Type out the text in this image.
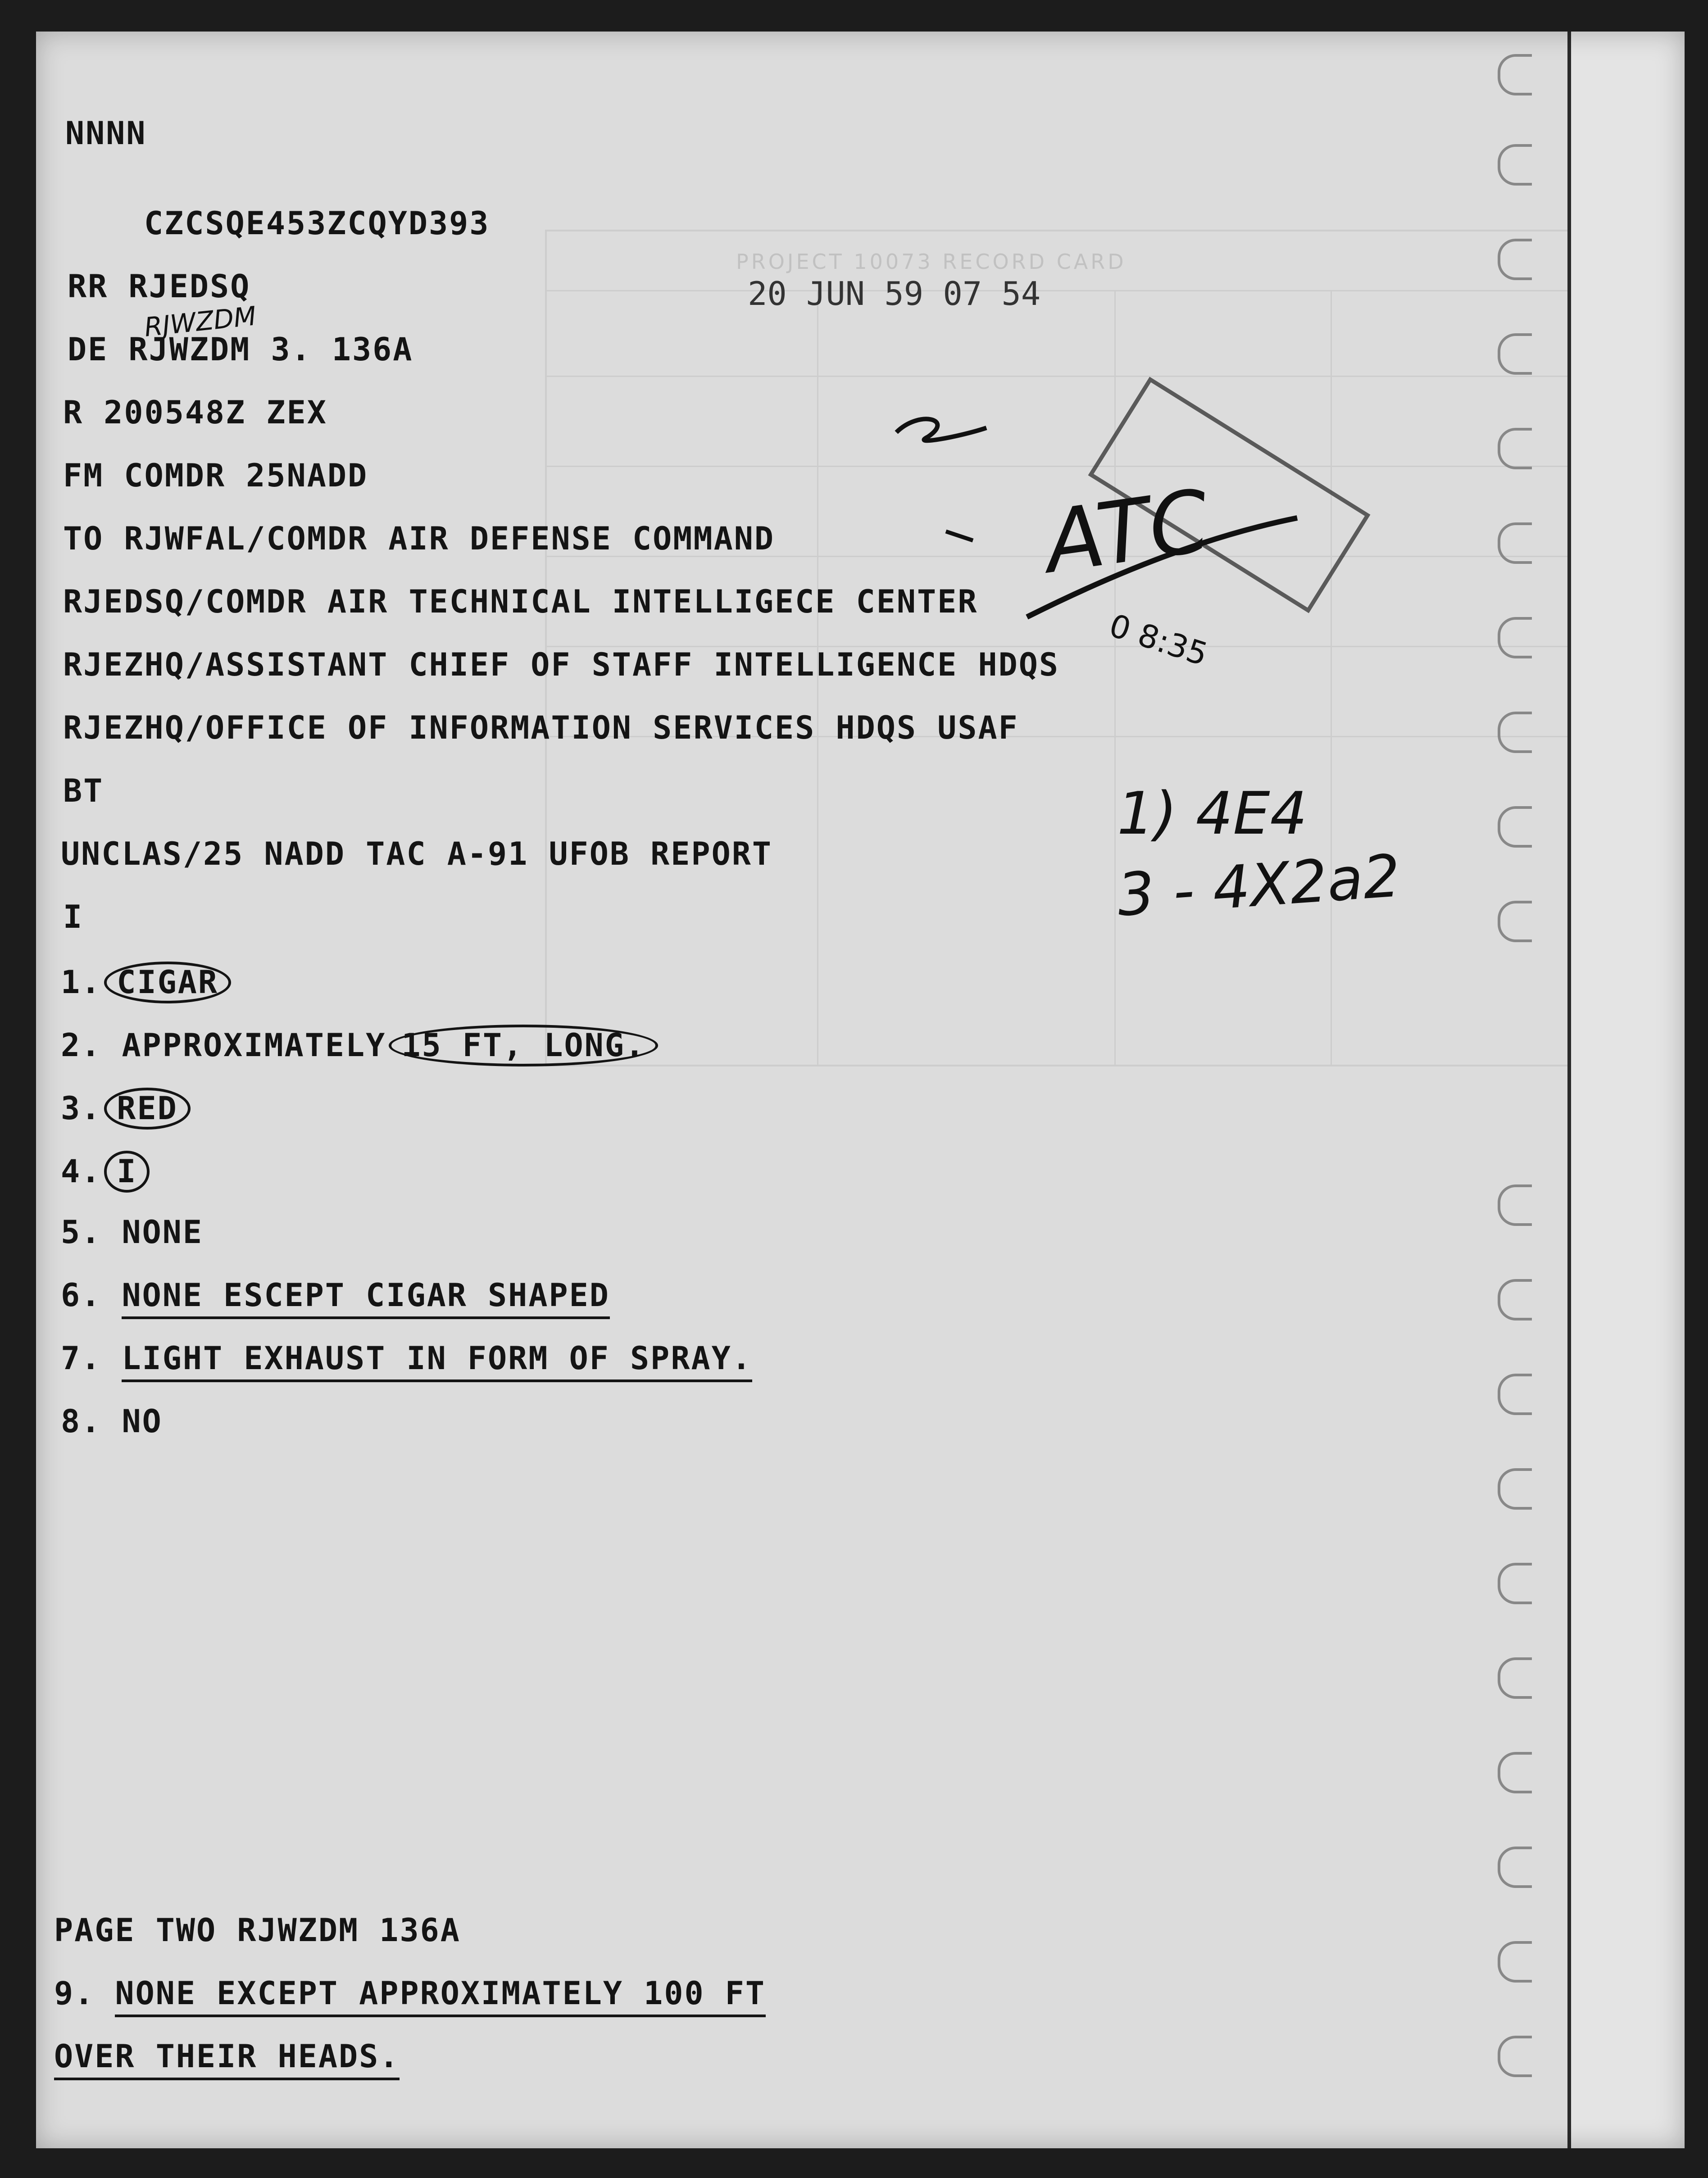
PROJECT 10073 RECORD CARD
NNNN
CZCSQE453ZCQYD393
RR RJEDSQ
DE RJWZDM 3. 136A
R 200548Z ZEX
FM COMDR 25NADD
TO RJWFAL/COMDR AIR DEFENSE COMMAND
RJEDSQ/COMDR AIR TECHNICAL INTELLIGECE CENTER
RJEZHQ/ASSISTANT CHIEF OF STAFF INTELLIGENCE HDQS
RJEZHQ/OFFICE OF INFORMATION SERVICES HDQS USAF
BT
UNCLAS/25 NADD TAC A-91 UFOB REPORT
I
1. CIGAR
2. APPROXIMATELY 15 FT, LONG.
3. RED
4. I
5. NONE
6. NONE ESCEPT CIGAR SHAPED
7. LIGHT EXHAUST IN FORM OF SPRAY.
8. NO
PAGE TWO RJWZDM 136A
9. NONE EXCEPT APPROXIMATELY 100 FT
OVER THEIR HEADS.
RJWZDM
20 JUN 59 07 54
ATC
0 8:35
1) 4E4
3 - 4X2a2
